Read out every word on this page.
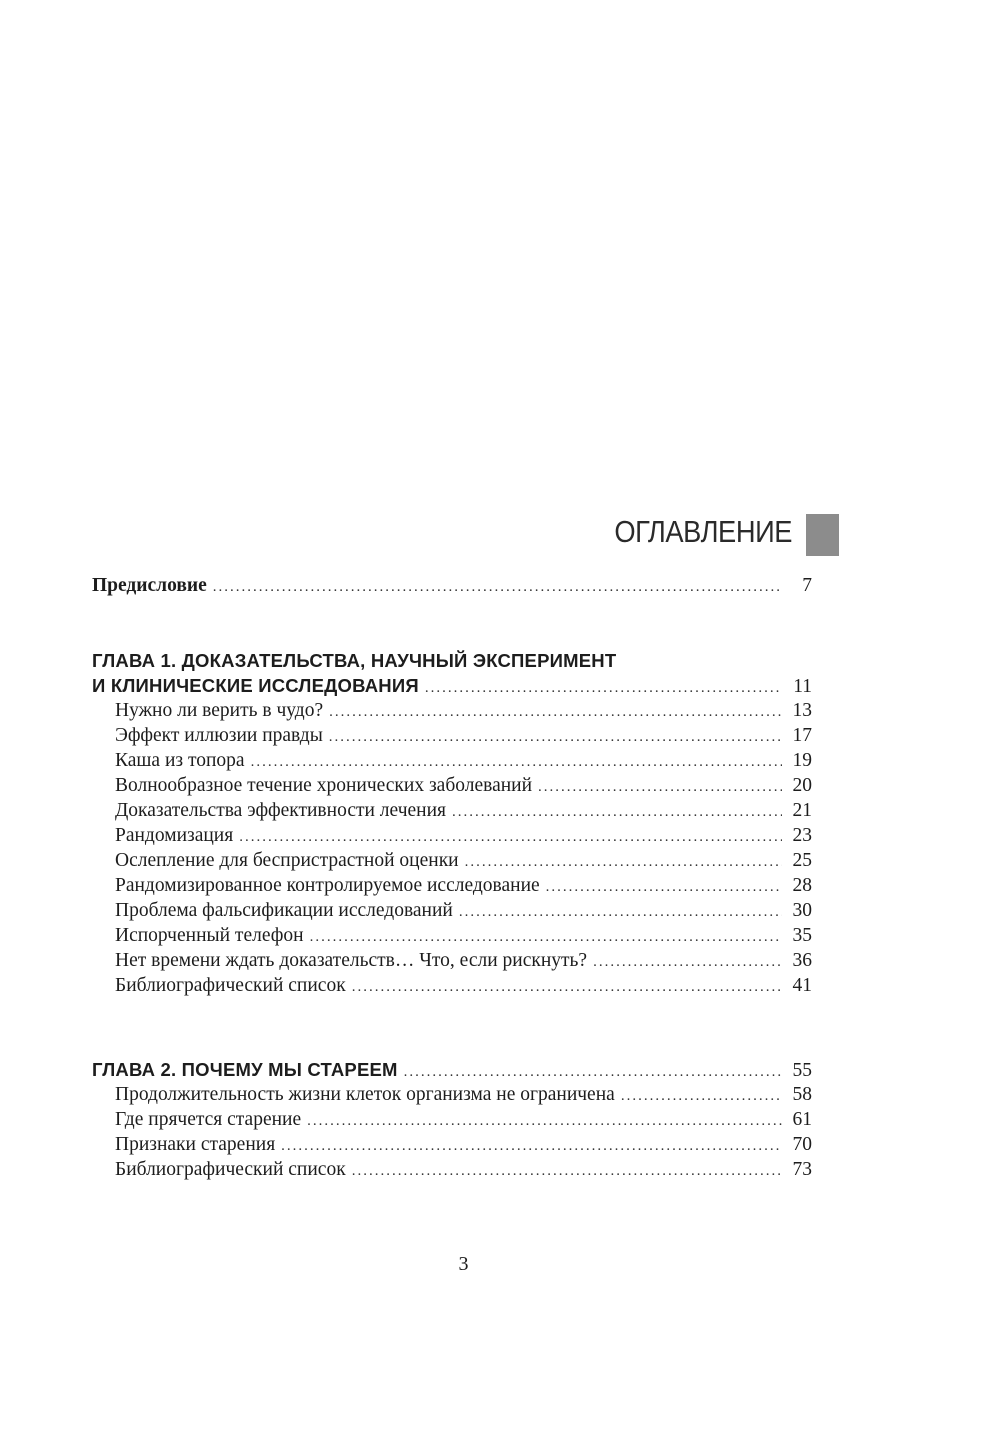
ОГЛАВЛЕНИЕ
Предисловие .....	7
ГЛАВА 1. ДОКАЗАТЕЛЬСТВА, НАУЧНЫЙ ЭКСПЕРИМЕНТ
И КЛИНИЧЕСКИЕ ИССЛЕДОВАНИЯ .....	11
Нужно ли верить в чудо? .....	13
Эффект иллюзии правды .....	17
Каша из топора .....	19
Волнообразное течение хронических заболеваний .....	20
Доказательства эффективности лечения .....	21
Рандомизация .....	23
Ослепление для беспристрастной оценки .....	25
Рандомизированное контролируемое исследование .....	28
Проблема фальсификации исследований .....	30
Испорченный телефон .....	35
Нет времени ждать доказательств… Что, если рискнуть? .....	36
Библиографический список .....	41
ГЛАВА 2. ПОЧЕМУ МЫ СТАРЕЕМ .....	55
Продолжительность жизни клеток организма не ограничена .....	58
Где прячется старение .....	61
Признаки старения .....	70
Библиографический список .....	73
3
